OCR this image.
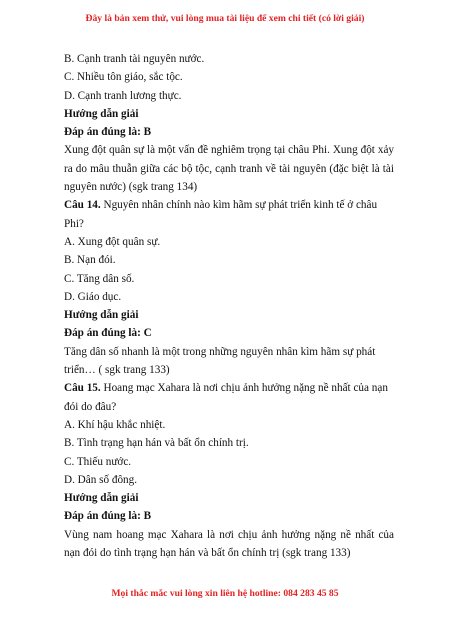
Đây là bản xem thử, vui lòng mua tài liệu để xem chi tiết (có lời giải)

B. Cạnh tranh tài nguyên nước.

C. Nhiều tôn giáo, sắc tộc.

D. Cạnh tranh lương thực.

Hướng dẫn giải

Đáp án đúng là: B

Xung đột quân sự là một vấn đề nghiêm trọng tại châu Phi. Xung đột xảy ra do mâu thuẫn giữa các bộ tộc, cạnh tranh về tài nguyên (đặc biệt là tài nguyên nước) (sgk trang 134)

Câu 14. Nguyên nhân chính nào kìm hãm sự phát triển kinh tế ở châu Phi?

A. Xung đột quân sự.

B. Nạn đói.

C. Tăng dân số.

D. Giáo dục.

Hướng dẫn giải

Đáp án đúng là: C

Tăng dân số nhanh là một trong những nguyên nhân kìm hãm sự phát triển… ( sgk trang 133)

Câu 15. Hoang mạc Xahara là nơi chịu ảnh hưởng nặng nề nhất của nạn đói do đâu?

A. Khí hậu khắc nhiệt.

B. Tình trạng hạn hán và bất ổn chính trị.

C. Thiếu nước.

D. Dân số đông.

Hướng dẫn giải

Đáp án đúng là: B

Vùng nam hoang mạc Xahara là nơi chịu ảnh hưởng nặng nề nhất của nạn đói do tình trạng hạn hán và bất ổn chính trị (sgk trang 133)

Mọi thắc mắc vui lòng xin liên hệ hotline: 084 283 45 85
